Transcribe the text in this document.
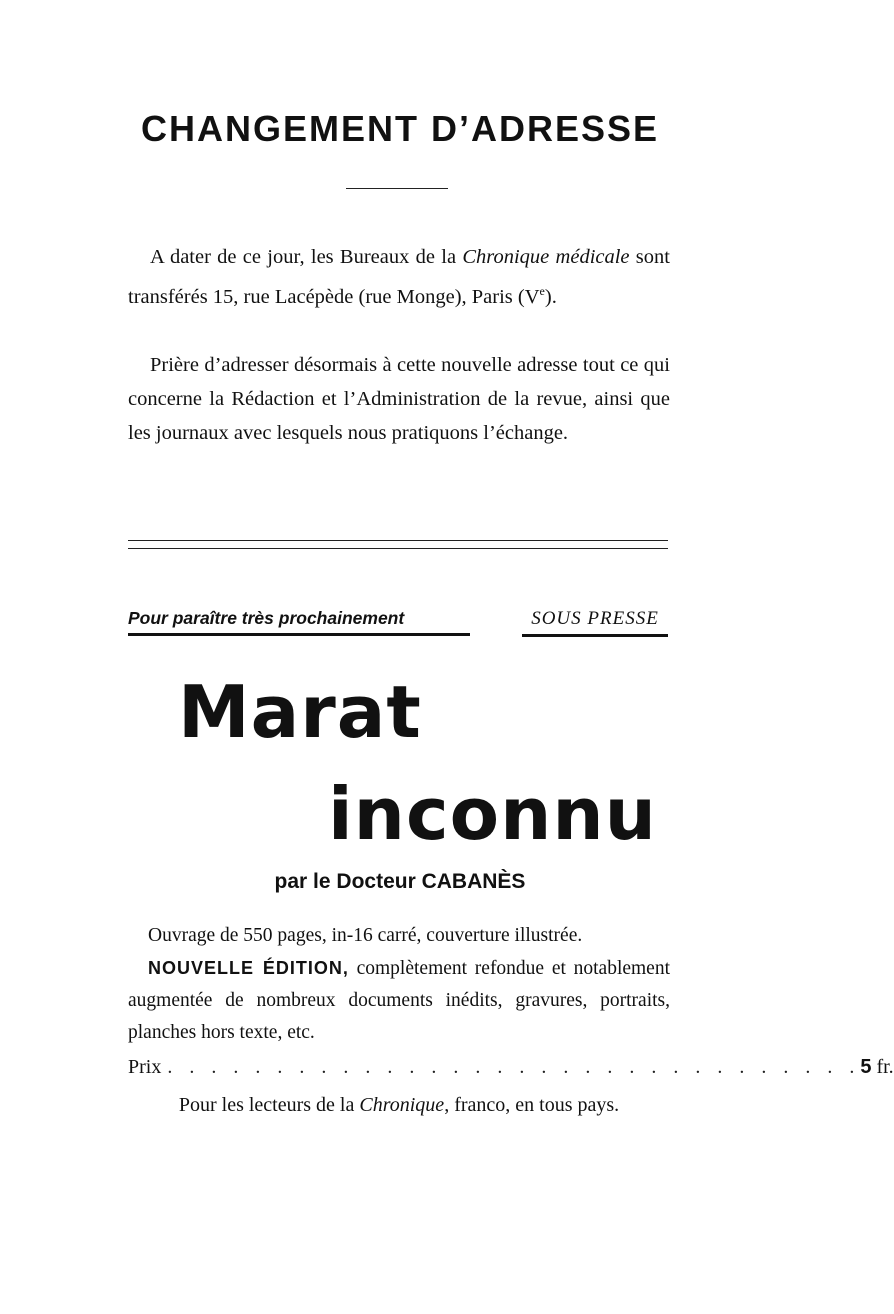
CHANGEMENT D’ADRESSE

A dater de ce jour, les Bureaux de la Chronique médicale sont transférés 15, rue Lacépède (rue Monge), Paris (Ve).

Prière d’adresser désormais à cette nouvelle adresse tout ce qui concerne la Rédaction et l’Administration de la revue, ainsi que les journaux avec lesquels nous pratiquons l’échange.

Pour paraître très prochainement	SOUS PRESSE
Marat
inconnu
par le Docteur CABANÈS

Ouvrage de 550 pages, in-16 carré, couverture illustrée.

NOUVELLE ÉDITION, complètement refondue et notablement augmentée de nombreux documents inédits, gravures, portraits, planches hors texte, etc.

Prix . . . . . . . . . . . . . . . . . . . . . . . . . . . . . . . . 5 fr.
Pour les lecteurs de la Chronique, franco, en tous pays.
